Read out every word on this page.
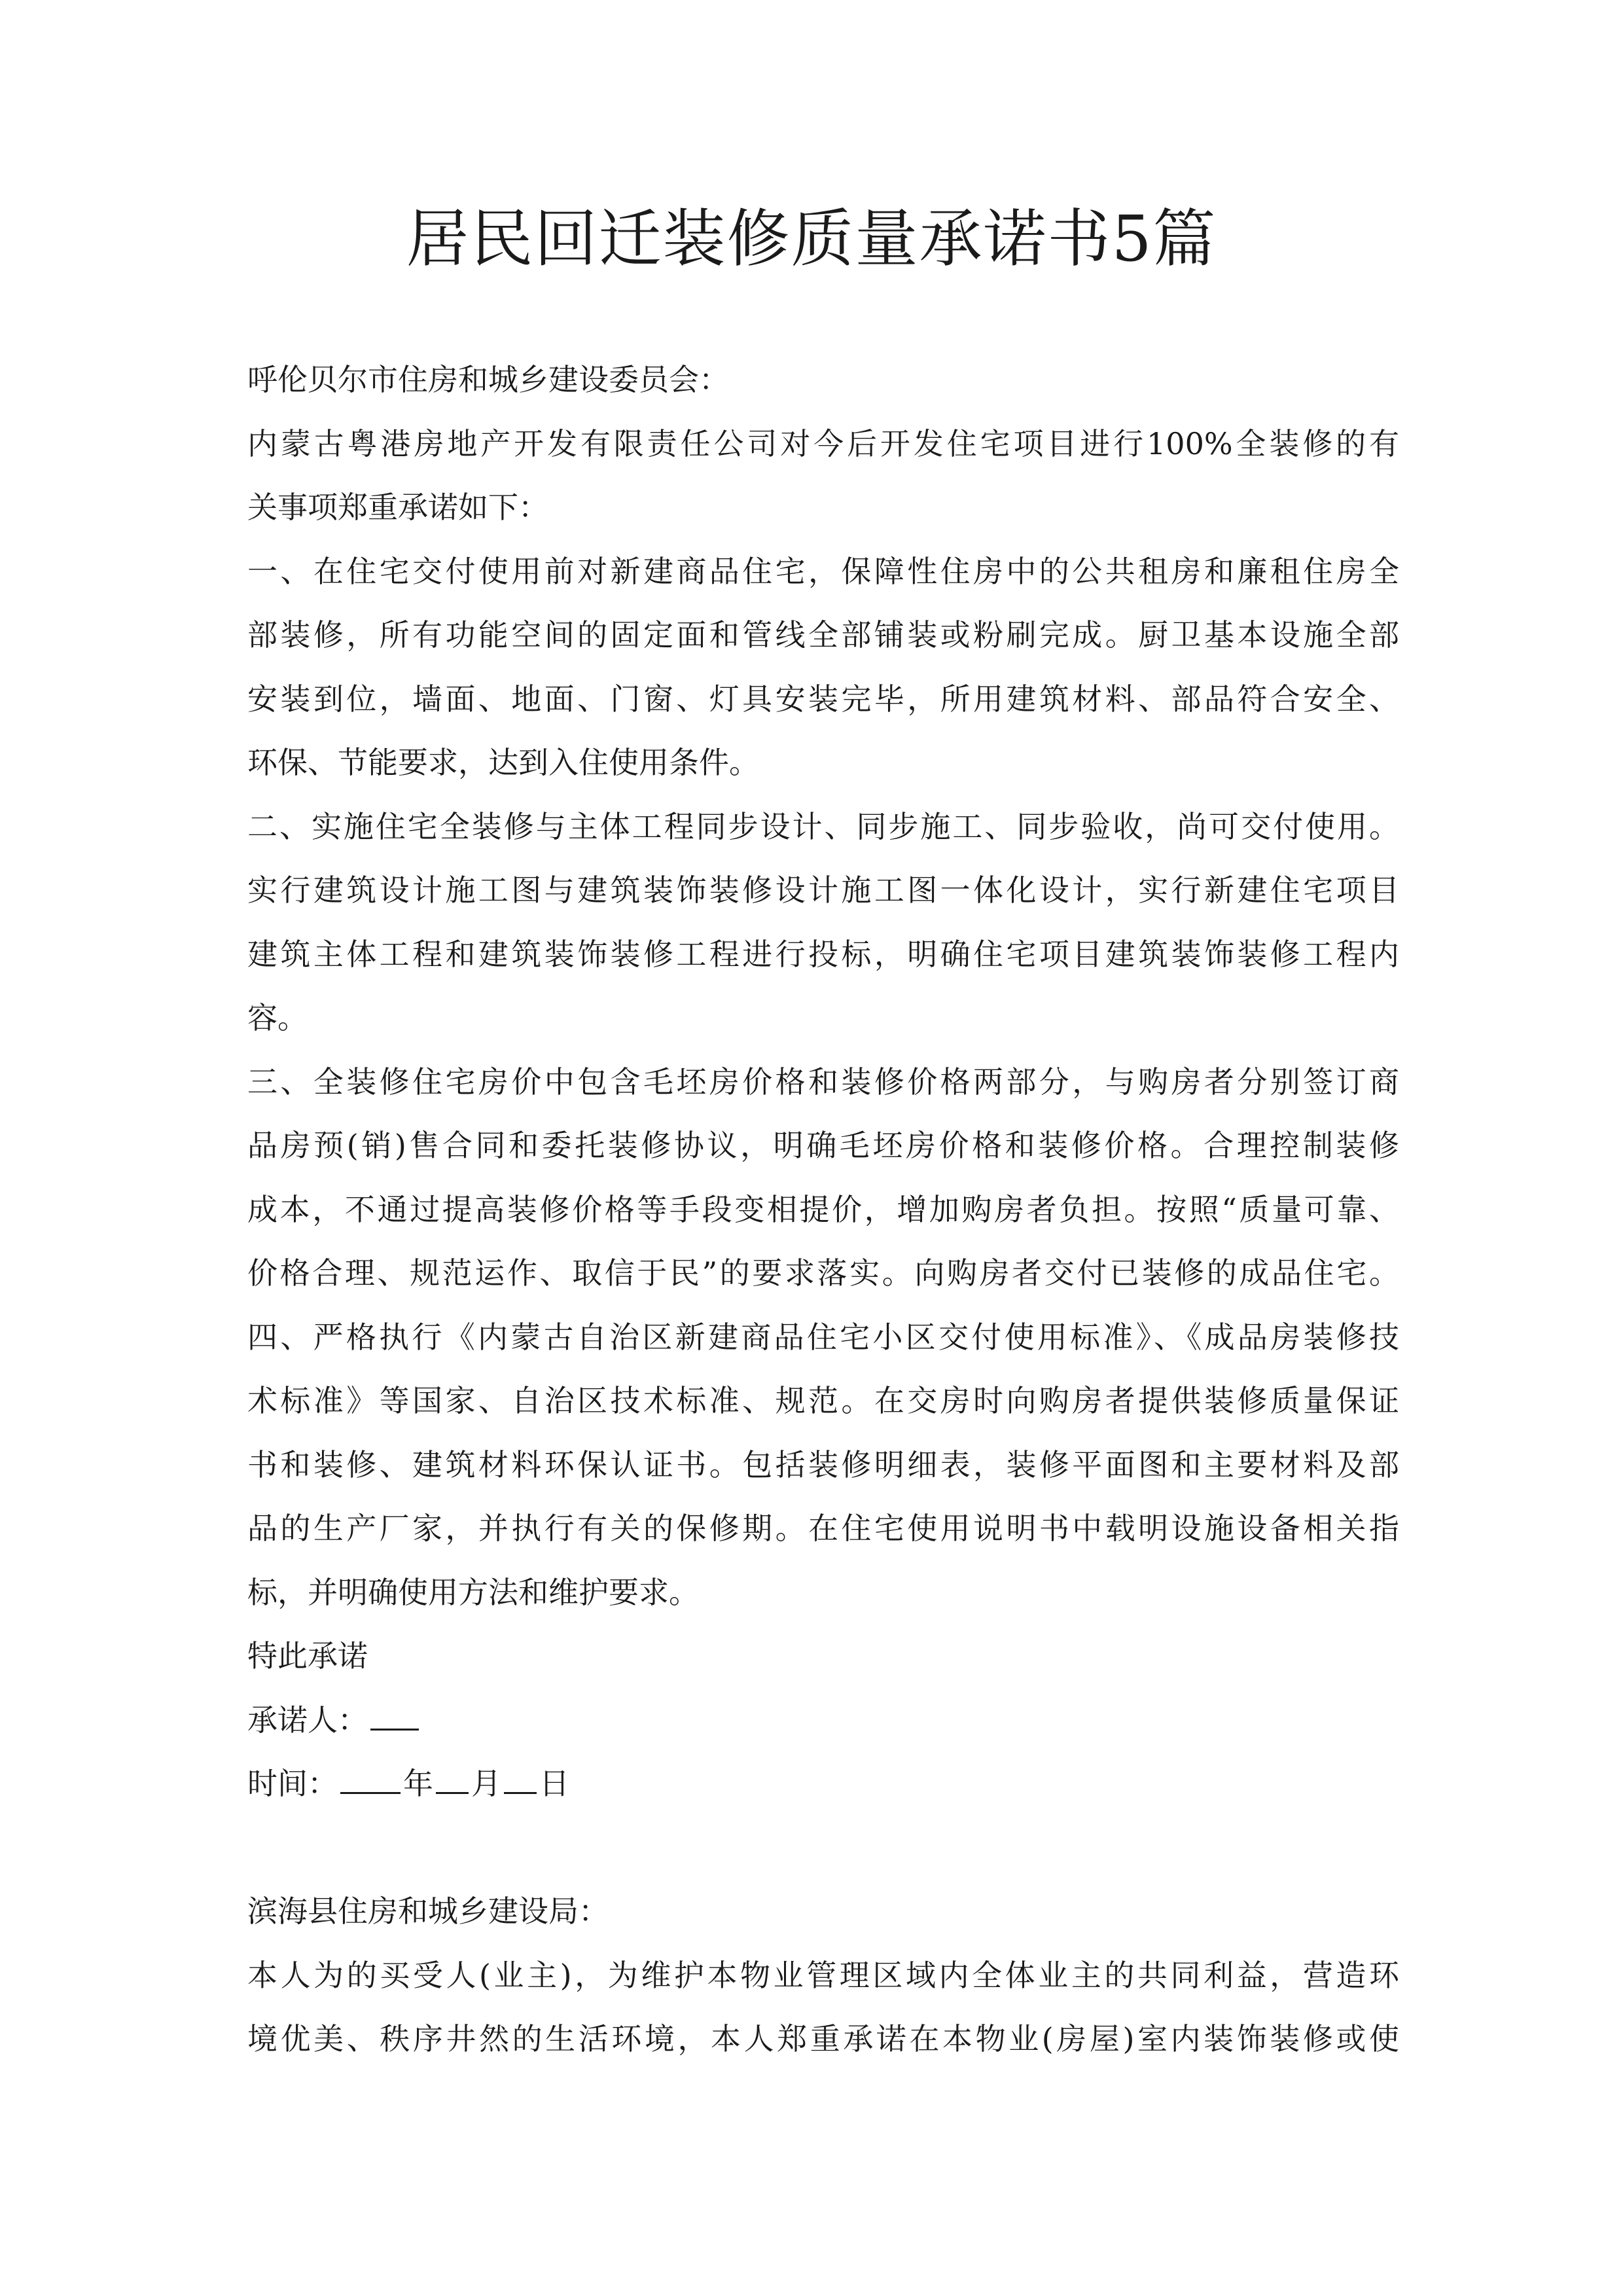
居民回迁装修质量承诺书5篇
呼伦贝尔市住房和城乡建设委员会：
内蒙古粤港房地产开发有限责任公司对今后开发住宅项目进行100%全装修的有
关事项郑重承诺如下：
一、在住宅交付使用前对新建商品住宅，保障性住房中的公共租房和廉租住房全
部装修，所有功能空间的固定面和管线全部铺装或粉刷完成。厨卫基本设施全部
安装到位，墙面、地面、门窗、灯具安装完毕，所用建筑材料、部品符合安全、
环保、节能要求，达到入住使用条件。
二、实施住宅全装修与主体工程同步设计、同步施工、同步验收，尚可交付使用。
实行建筑设计施工图与建筑装饰装修设计施工图一体化设计，实行新建住宅项目
建筑主体工程和建筑装饰装修工程进行投标，明确住宅项目建筑装饰装修工程内
容。
三、全装修住宅房价中包含毛坯房价格和装修价格两部分，与购房者分别签订商
品房预(销)售合同和委托装修协议，明确毛坯房价格和装修价格。合理控制装修
成本，不通过提高装修价格等手段变相提价，增加购房者负担。按照“质量可靠、
价格合理、规范运作、取信于民”的要求落实。向购房者交付已装修的成品住宅。
四、严格执行《内蒙古自治区新建商品住宅小区交付使用标准》、《成品房装修技
术标准》等国家、自治区技术标准、规范。在交房时向购房者提供装修质量保证
书和装修、建筑材料环保认证书。包括装修明细表，装修平面图和主要材料及部
品的生产厂家，并执行有关的保修期。在住宅使用说明书中载明设施设备相关指
标，并明确使用方法和维护要求。
特此承诺
承诺人：
时间： 年 月 日
滨海县住房和城乡建设局：
本人为的买受人(业主)，为维护本物业管理区域内全体业主的共同利益，营造环
境优美、秩序井然的生活环境，本人郑重承诺在本物业(房屋)室内装饰装修或使
